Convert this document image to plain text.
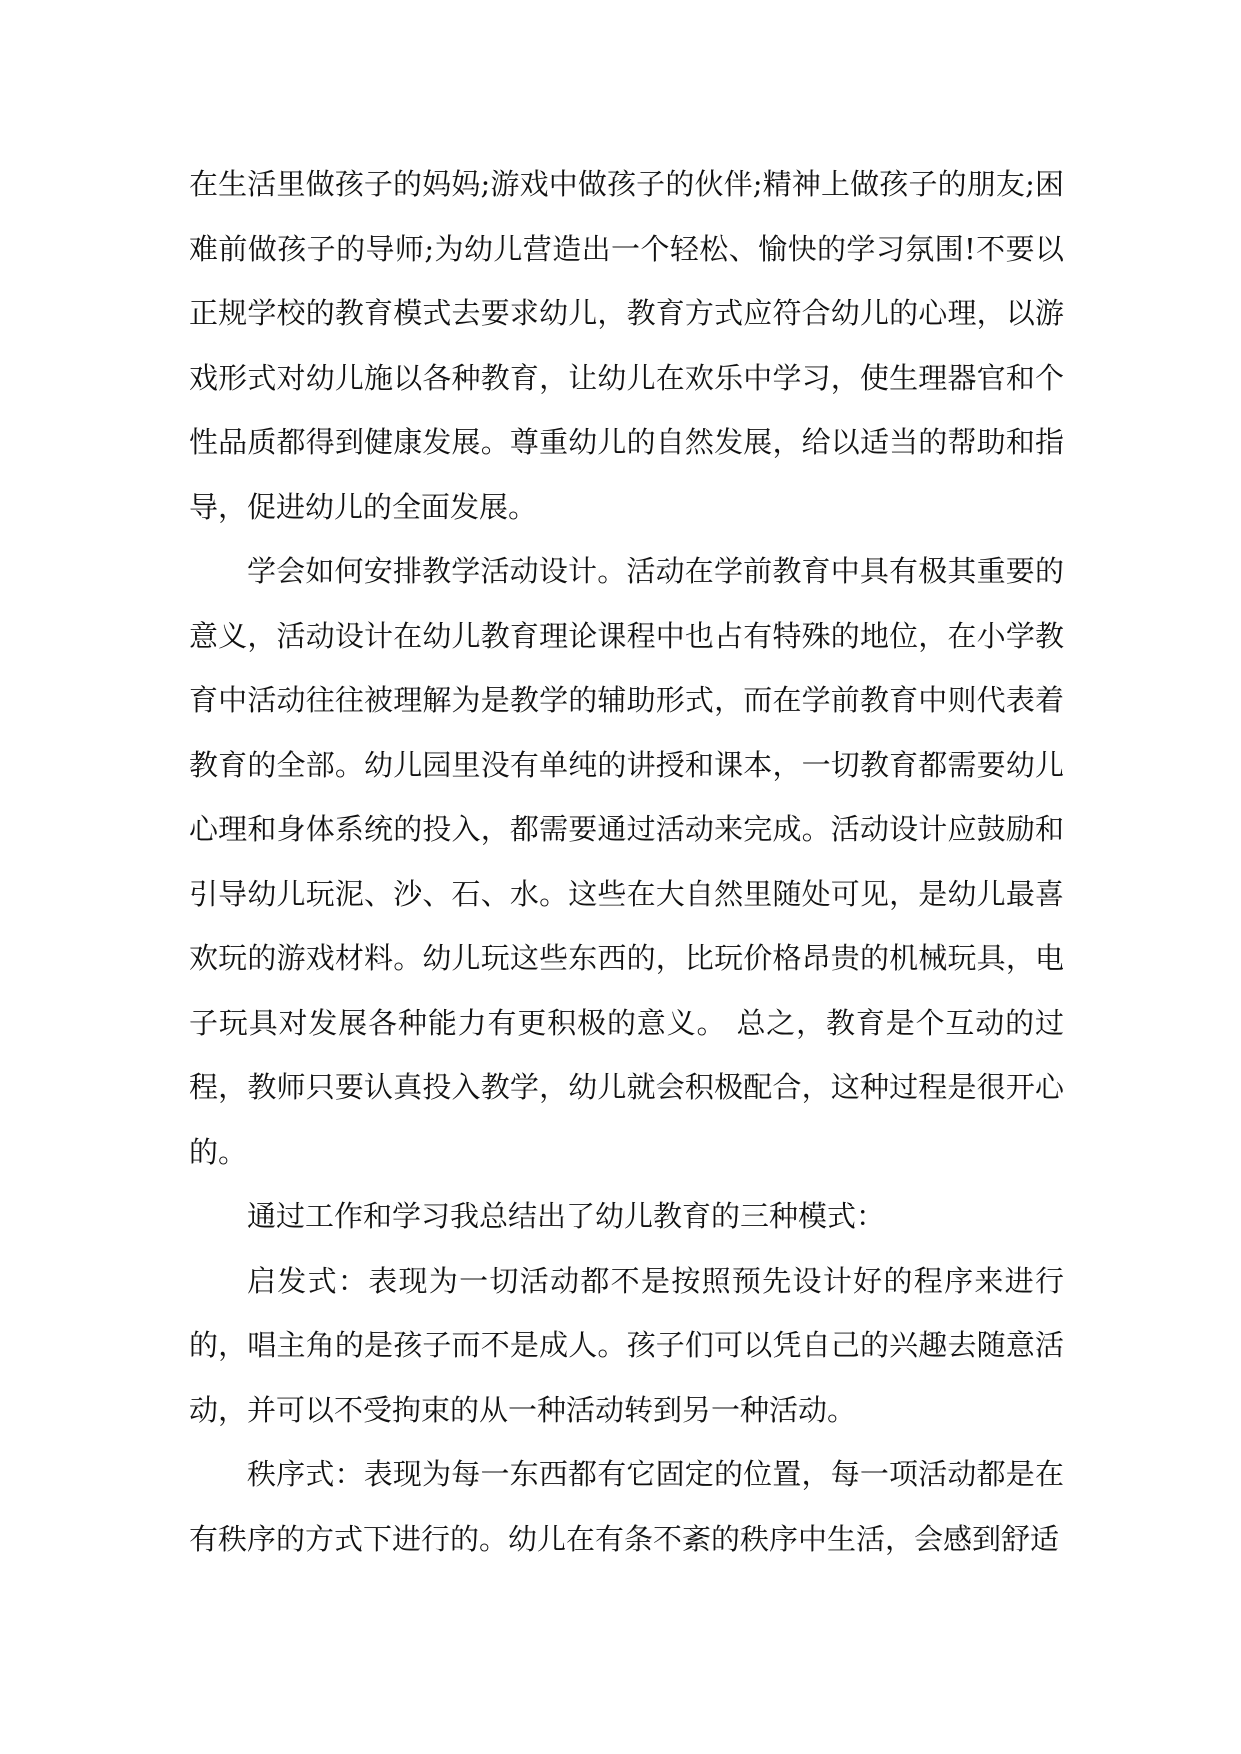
在生活里做孩子的妈妈;游戏中做孩子的伙伴;精神上做孩子的朋友;困难前做孩子的导师;为幼儿营造出一个轻松、愉快的学习氛围!不要以正规学校的教育模式去要求幼儿，教育方式应符合幼儿的心理，以游戏形式对幼儿施以各种教育，让幼儿在欢乐中学习，使生理器官和个性品质都得到健康发展。尊重幼儿的自然发展，给以适当的帮助和指导，促进幼儿的全面发展。

学会如何安排教学活动设计。活动在学前教育中具有极其重要的意义，活动设计在幼儿教育理论课程中也占有特殊的地位，在小学教育中活动往往被理解为是教学的辅助形式，而在学前教育中则代表着教育的全部。幼儿园里没有单纯的讲授和课本，一切教育都需要幼儿心理和身体系统的投入，都需要通过活动来完成。活动设计应鼓励和引导幼儿玩泥、沙、石、水。这些在大自然里随处可见，是幼儿最喜欢玩的游戏材料。幼儿玩这些东西的，比玩价格昂贵的机械玩具，电子玩具对发展各种能力有更积极的意义。 总之，教育是个互动的过程，教师只要认真投入教学，幼儿就会积极配合，这种过程是很开心的。

通过工作和学习我总结出了幼儿教育的三种模式：

启发式：表现为一切活动都不是按照预先设计好的程序来进行的，唱主角的是孩子而不是成人。孩子们可以凭自己的兴趣去随意活动，并可以不受拘束的从一种活动转到另一种活动。

秩序式：表现为每一东西都有它固定的位置，每一项活动都是在有秩序的方式下进行的。幼儿在有条不紊的秩序中生活，会感到舒适
